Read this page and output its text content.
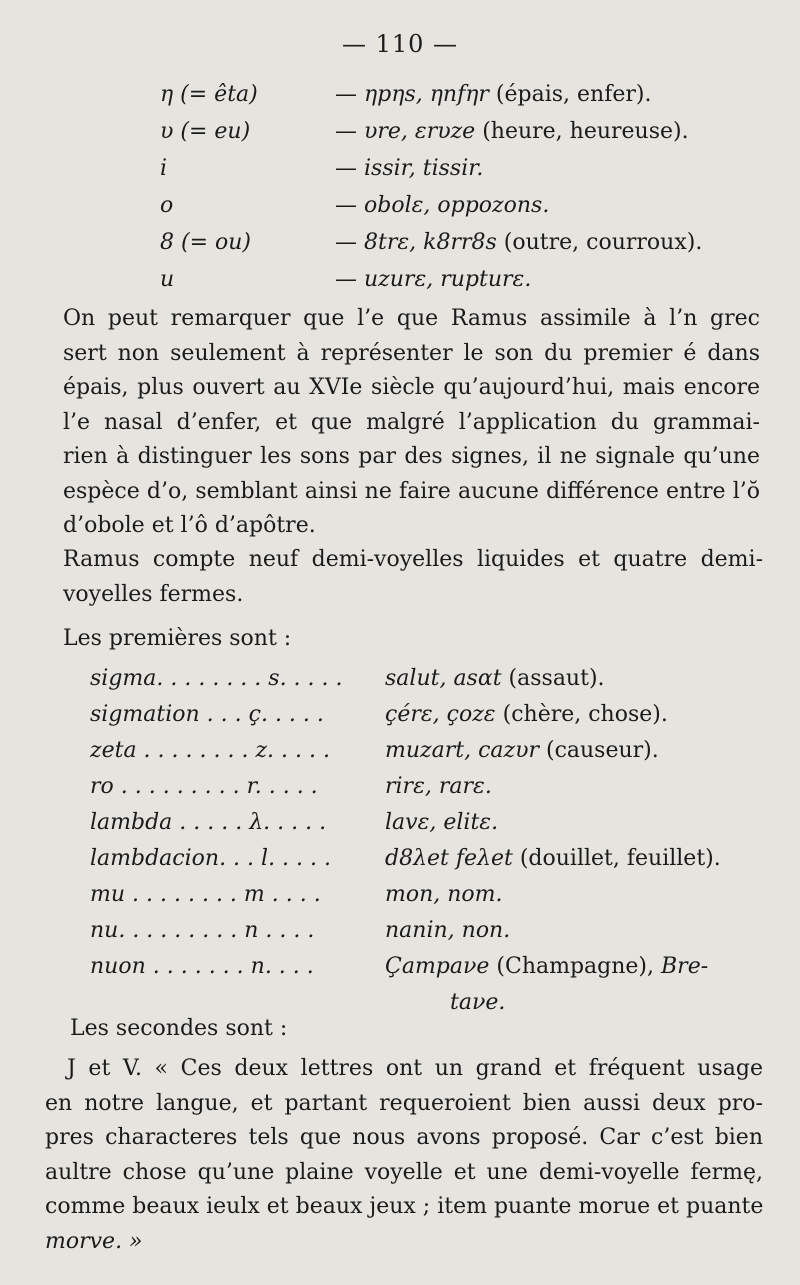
— 110 —
η (= êta)	— ηpηs, ηnfηr (épais, enfer).
υ (= eu)	— υre, εrυze (heure, heureuse).
i	— issir, tissir.
o	— obolε, oppozons.
8 (= ou)	— 8trε, k8rr8s (outre, courroux).
u	— uzurε, rupturε.
On peut remarquer que l’e que Ramus assimile à l’n grec
sert non seulement à représenter le son du premier é dans
épais, plus ouvert au XVIe siècle qu’aujourd’hui, mais encore
l’e nasal d’enfer, et que malgré l’application du grammai-
rien à distinguer les sons par des signes, il ne signale qu’une
espèce d’o, semblant ainsi ne faire aucune différence entre l’ŏ
d’obole et l’ô d’apôtre.
Ramus compte neuf demi-voyelles liquides et quatre demi-
voyelles fermes.
Les premières sont :
sigma. . . . . . . . s. . . . . salut, asαt (assaut).
sigmation . . . ç. . . . .	çérε, çozε (chère, chose).
zeta . . . . . . . . z. . . . .	muzart, cazυr (causeur).
ro . . . . . . . . . r. . . . .	rirε, rarε.
lambda . . . . . λ. . . . .	lavε, elitε.
lambdacion. . . l. . . . . d8λet feλet (douillet, feuillet).
mu . . . . . . . . m . . . .	mon, nom.
nu. . . . . . . . . n . . . .	nanin, non.
nuon . . . . . . . n. . . .	Çampaνe (Champagne), Bre-
taνe.
Les secondes sont :
J et V. « Ces deux lettres ont un grand et fréquent usage
en notre langue, et partant requeroient bien aussi deux pro-
pres characteres tels que nous avons proposé. Car c’est bien
aultre chose qu’une plaine voyelle et une demi-voyelle fermę,
comme beaux ieulx et beaux jeux ; item puante morue et puante
morve. »
